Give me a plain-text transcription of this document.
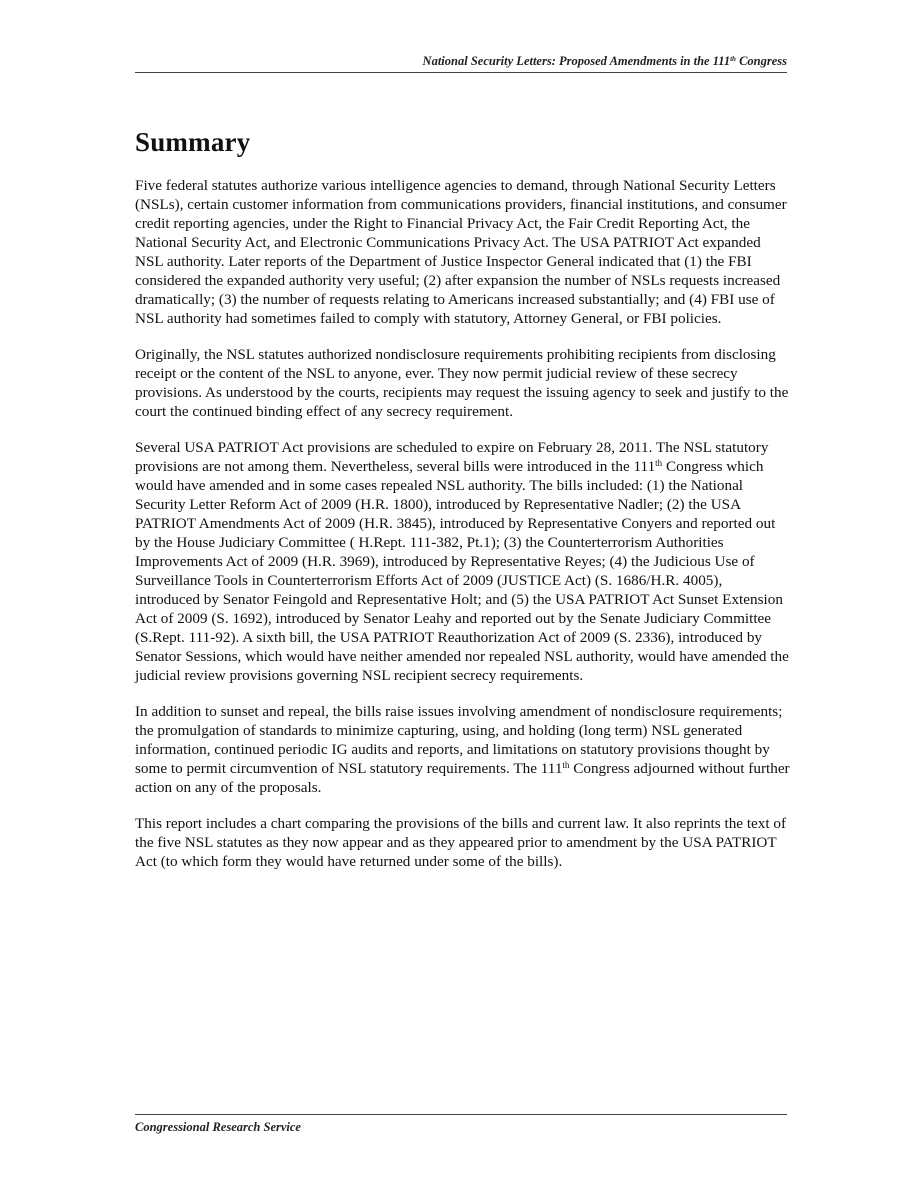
National Security Letters: Proposed Amendments in the 111th Congress
Summary

Five federal statutes authorize various intelligence agencies to demand, through National Security Letters (NSLs), certain customer information from communications providers, financial institutions, and consumer credit reporting agencies, under the Right to Financial Privacy Act, the Fair Credit Reporting Act, the National Security Act, and Electronic Communications Privacy Act. The USA PATRIOT Act expanded NSL authority. Later reports of the Department of Justice Inspector General indicated that (1) the FBI considered the expanded authority very useful; (2) after expansion the number of NSLs requests increased dramatically; (3) the number of requests relating to Americans increased substantially; and (4) FBI use of NSL authority had sometimes failed to comply with statutory, Attorney General, or FBI policies.

Originally, the NSL statutes authorized nondisclosure requirements prohibiting recipients from disclosing receipt or the content of the NSL to anyone, ever. They now permit judicial review of these secrecy provisions. As understood by the courts, recipients may request the issuing agency to seek and justify to the court the continued binding effect of any secrecy requirement.

Several USA PATRIOT Act provisions are scheduled to expire on February 28, 2011. The NSL statutory provisions are not among them. Nevertheless, several bills were introduced in the 111th Congress which would have amended and in some cases repealed NSL authority. The bills included: (1) the National Security Letter Reform Act of 2009 (H.R. 1800), introduced by Representative Nadler; (2) the USA PATRIOT Amendments Act of 2009 (H.R. 3845), introduced by Representative Conyers and reported out by the House Judiciary Committee ( H.Rept. 111-382, Pt.1); (3) the Counterterrorism Authorities Improvements Act of 2009 (H.R. 3969), introduced by Representative Reyes; (4) the Judicious Use of Surveillance Tools in Counterterrorism Efforts Act of 2009 (JUSTICE Act) (S. 1686/H.R. 4005), introduced by Senator Feingold and Representative Holt; and (5) the USA PATRIOT Act Sunset Extension Act of 2009 (S. 1692), introduced by Senator Leahy and reported out by the Senate Judiciary Committee (S.Rept. 111-92). A sixth bill, the USA PATRIOT Reauthorization Act of 2009 (S. 2336), introduced by Senator Sessions, which would have neither amended nor repealed NSL authority, would have amended the judicial review provisions governing NSL recipient secrecy requirements.

In addition to sunset and repeal, the bills raise issues involving amendment of nondisclosure requirements; the promulgation of standards to minimize capturing, using, and holding (long term) NSL generated information, continued periodic IG audits and reports, and limitations on statutory provisions thought by some to permit circumvention of NSL statutory requirements. The 111th Congress adjourned without further action on any of the proposals.

This report includes a chart comparing the provisions of the bills and current law. It also reprints the text of the five NSL statutes as they now appear and as they appeared prior to amendment by the USA PATRIOT Act (to which form they would have returned under some of the bills).

Congressional Research Service
